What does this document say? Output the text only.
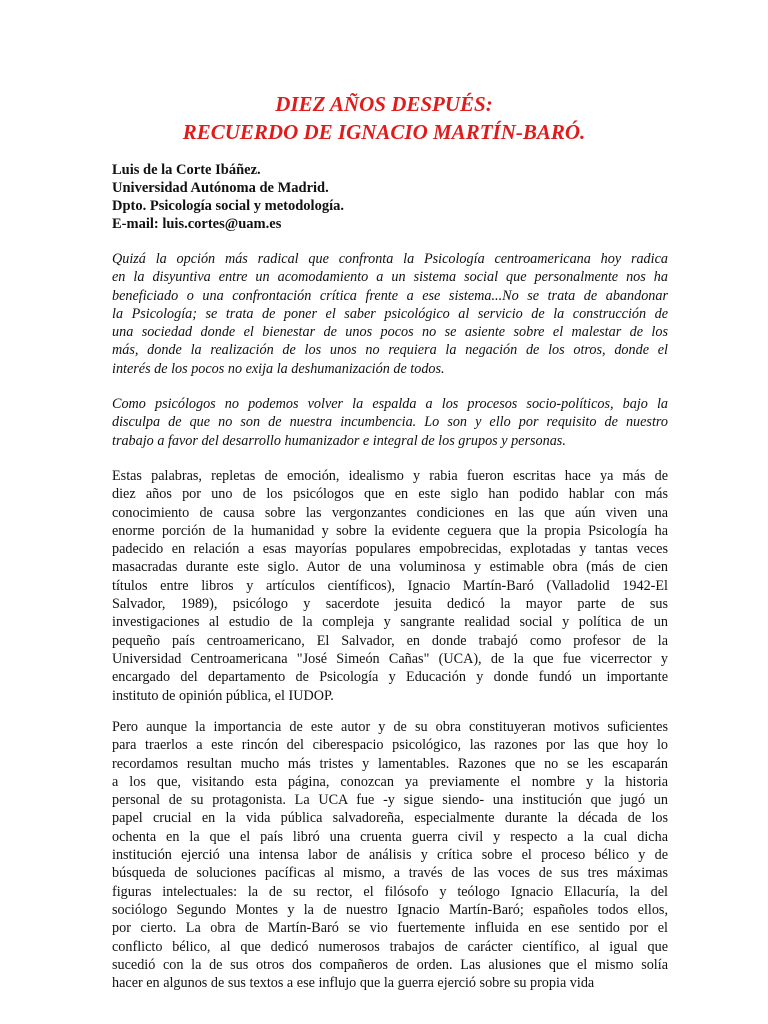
DIEZ AÑOS DESPUÉS:
RECUERDO DE IGNACIO MARTÍN-BARÓ.
Luis de la Corte Ibáñez.
Universidad Autónoma de Madrid.
Dpto. Psicología social y metodología.
E-mail: luis.cortes@uam.es
Quizá la opción más radical que confronta la Psicología centroamericana hoy radica
en la disyuntiva entre un acomodamiento a un sistema social que personalmente nos ha
beneficiado o una confrontación crítica frente a ese sistema...No se trata de abandonar
la Psicología; se trata de poner el saber psicológico al servicio de la construcción de
una sociedad donde el bienestar de unos pocos no se asiente sobre el malestar de los
más, donde la realización de los unos no requiera la negación de los otros, donde el
interés de los pocos no exija la deshumanización de todos.
Como psicólogos no podemos volver la espalda a los procesos socio-políticos, bajo la
disculpa de que no son de nuestra incumbencia. Lo son y ello por requisito de nuestro
trabajo a favor del desarrollo humanizador e integral de los grupos y personas.
Estas palabras, repletas de emoción, idealismo y rabia fueron escritas hace ya más de
diez años por uno de los psicólogos que en este siglo han podido hablar con más
conocimiento de causa sobre las vergonzantes condiciones en las que aún viven una
enorme porción de la humanidad y sobre la evidente ceguera que la propia Psicología ha
padecido en relación a esas mayorías populares empobrecidas, explotadas y tantas veces
masacradas durante este siglo. Autor de una voluminosa y estimable obra (más de cien
títulos entre libros y artículos científicos), Ignacio Martín-Baró (Valladolid 1942-El
Salvador, 1989), psicólogo y sacerdote jesuita dedicó la mayor parte de sus
investigaciones al estudio de la compleja y sangrante realidad social y política de un
pequeño país centroamericano, El Salvador, en donde trabajó como profesor de la
Universidad Centroamericana "José Simeón Cañas" (UCA), de la que fue vicerrector y
encargado del departamento de Psicología y Educación y donde fundó un importante
instituto de opinión pública, el IUDOP.
Pero aunque la importancia de este autor y de su obra constituyeran motivos suficientes
para traerlos a este rincón del ciberespacio psicológico, las razones por las que hoy lo
recordamos resultan mucho más tristes y lamentables. Razones que no se les escaparán
a los que, visitando esta página, conozcan ya previamente el nombre y la historia
personal de su protagonista. La UCA fue -y sigue siendo- una institución que jugó un
papel crucial en la vida pública salvadoreña, especialmente durante la década de los
ochenta en la que el país libró una cruenta guerra civil y respecto a la cual dicha
institución ejerció una intensa labor de análisis y crítica sobre el proceso bélico y de
búsqueda de soluciones pacíficas al mismo, a través de las voces de sus tres máximas
figuras intelectuales: la de su rector, el filósofo y teólogo Ignacio Ellacuría, la del
sociólogo Segundo Montes y la de nuestro Ignacio Martín-Baró; españoles todos ellos,
por cierto. La obra de Martín-Baró se vio fuertemente influida en ese sentido por el
conflicto bélico, al que dedicó numerosos trabajos de carácter científico, al igual que
sucedió con la de sus otros dos compañeros de orden. Las alusiones que el mismo solía
hacer en algunos de sus textos a ese influjo que la guerra ejerció sobre su propia vida
